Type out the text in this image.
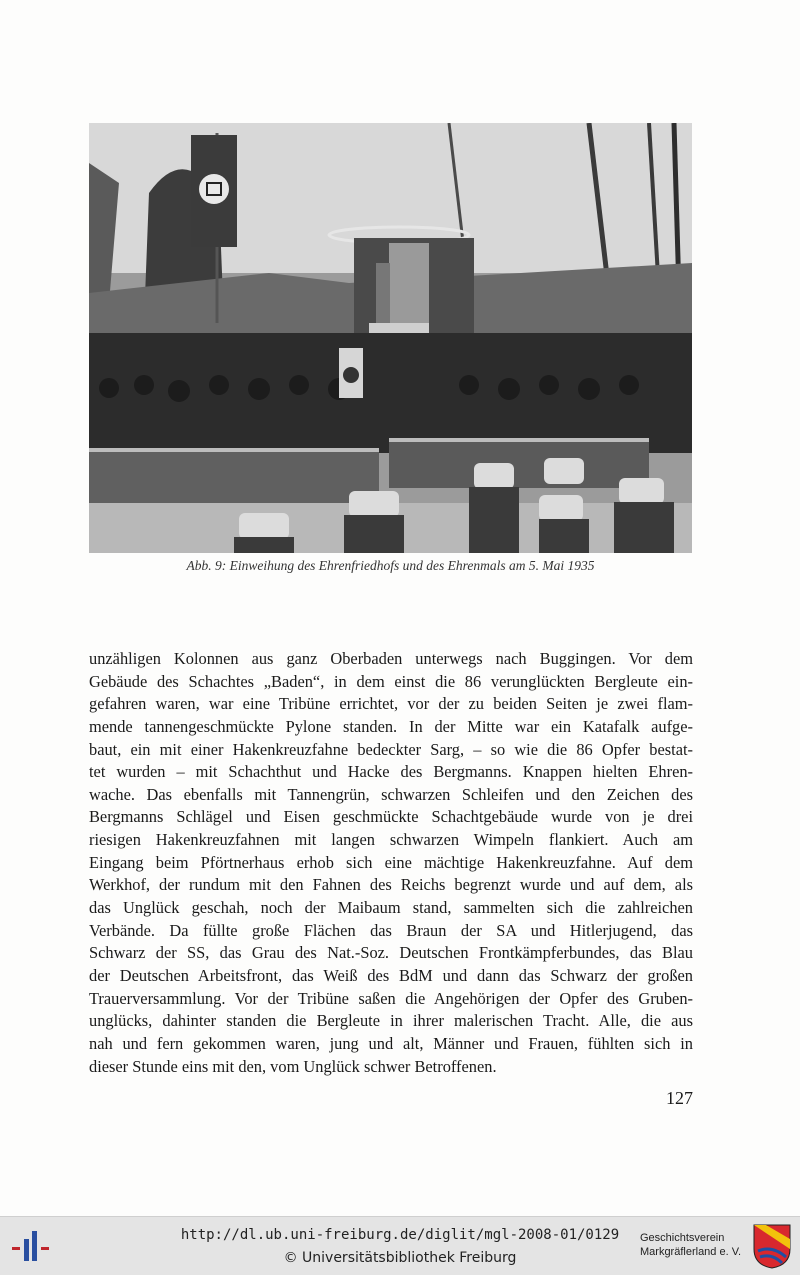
Abb. 9: Einweihung des Ehrenfriedhofs und des Ehrenmals am 5. Mai 1935
unzähligen Kolonnen aus ganz Oberbaden unterwegs nach Buggingen. Vor dem
Gebäude des Schachtes „Baden“, in dem einst die 86 verunglückten Bergleute ein-
gefahren waren, war eine Tribüne errichtet, vor der zu beiden Seiten je zwei flam-
mende tannengeschmückte Pylone standen. In der Mitte war ein Katafalk aufge-
baut, ein mit einer Hakenkreuzfahne bedeckter Sarg, – so wie die 86 Opfer bestat-
tet wurden – mit Schachthut und Hacke des Bergmanns. Knappen hielten Ehren-
wache. Das ebenfalls mit Tannengrün, schwarzen Schleifen und den Zeichen des
Bergmanns Schlägel und Eisen geschmückte Schachtgebäude wurde von je drei
riesigen Hakenkreuzfahnen mit langen schwarzen Wimpeln flankiert. Auch am
Eingang beim Pförtnerhaus erhob sich eine mächtige Hakenkreuzfahne. Auf dem
Werkhof, der rundum mit den Fahnen des Reichs begrenzt wurde und auf dem, als
das Unglück geschah, noch der Maibaum stand, sammelten sich die zahlreichen
Verbände. Da füllte große Flächen das Braun der SA und Hitlerjugend, das
Schwarz der SS, das Grau des Nat.-Soz. Deutschen Frontkämpferbundes, das Blau
der Deutschen Arbeitsfront, das Weiß des BdM und dann das Schwarz der großen
Trauerversammlung. Vor der Tribüne saßen die Angehörigen der Opfer des Gruben-
unglücks, dahinter standen die Bergleute in ihrer malerischen Tracht. Alle, die aus
nah und fern gekommen waren, jung und alt, Männer und Frauen, fühlten sich in
dieser Stunde eins mit den, vom Unglück schwer Betroffenen.
127
http://dl.ub.uni-freiburg.de/diglit/mgl-2008-01/0129
© Universitätsbibliothek Freiburg
Geschichtsverein
Markgräflerland e. V.
